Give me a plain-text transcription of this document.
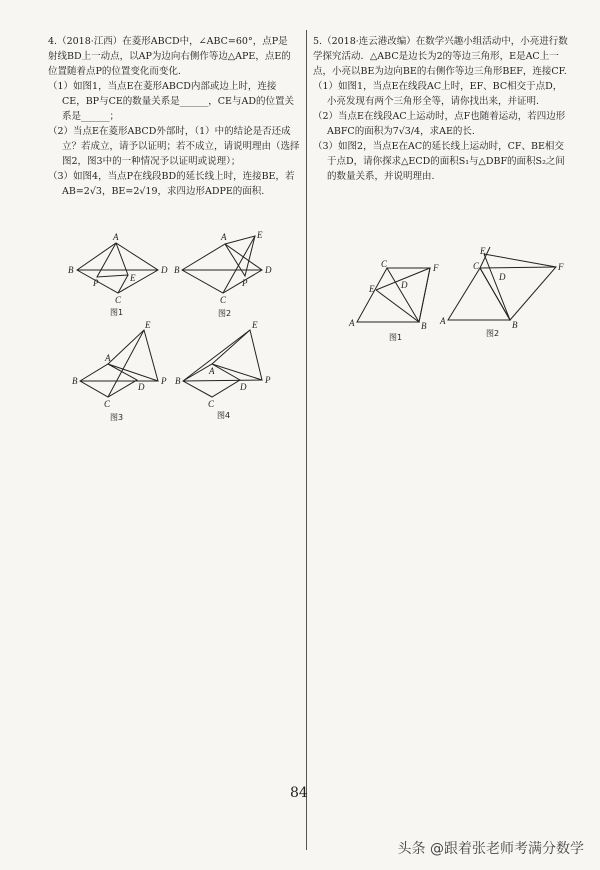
4.（2018·江西）在菱形ABCD中，∠ABC=60°，点P是

射线BD上一动点，以AP为边向右侧作等边△APE，点E的

位置随着点P的位置变化而变化.

（1）如图1，当点E在菱形ABCD内部或边上时，连接CE，BP与CE的数量关系是______，CE与AD的位置关系是______；

（2）当点E在菱形ABCD外部时，（1）中的结论是否还成立？若成立，请予以证明；若不成立，请说明理由（选择图2，图3中的一种情况予以证明或说理）；

（3）如图4，当点P在线段BD的延长线上时，连接BE，若AB=2√3，BE=2√19，求四边形ADPE的面积.

5.（2018·连云港改编）在数学兴趣小组活动中，小亮进行数学探究活动．△ABC是边长为2的等边三角形，E是AC上一点，小亮以BE为边向BE的右侧作等边三角形BEF，连接CF.

（1）如图1，当点E在线段AC上时，EF、BC相交于点D，小亮发现有两个三角形全等，请你找出来，并证明.

（2）当点E在线段AC上运动时，点F也随着运动，若四边形ABFC的面积为7√3/4，求AE的长.

（3）如图2，当点E在AC的延长线上运动时，CF、BE相交于点D，请你探求△ECD的面积S₁与△DBF的面积S₂之间的数量关系，并说明理由.

B
A
D
C
P	E
图1
B
A
D
C
P
E
图2
B
A
D
C
P
E
图3
B
A
D
C
P
E
图4
A	B
C	F
E	D
图1
A	B
C	F
E
D
图2
84
头条 @跟着张老师考满分数学
